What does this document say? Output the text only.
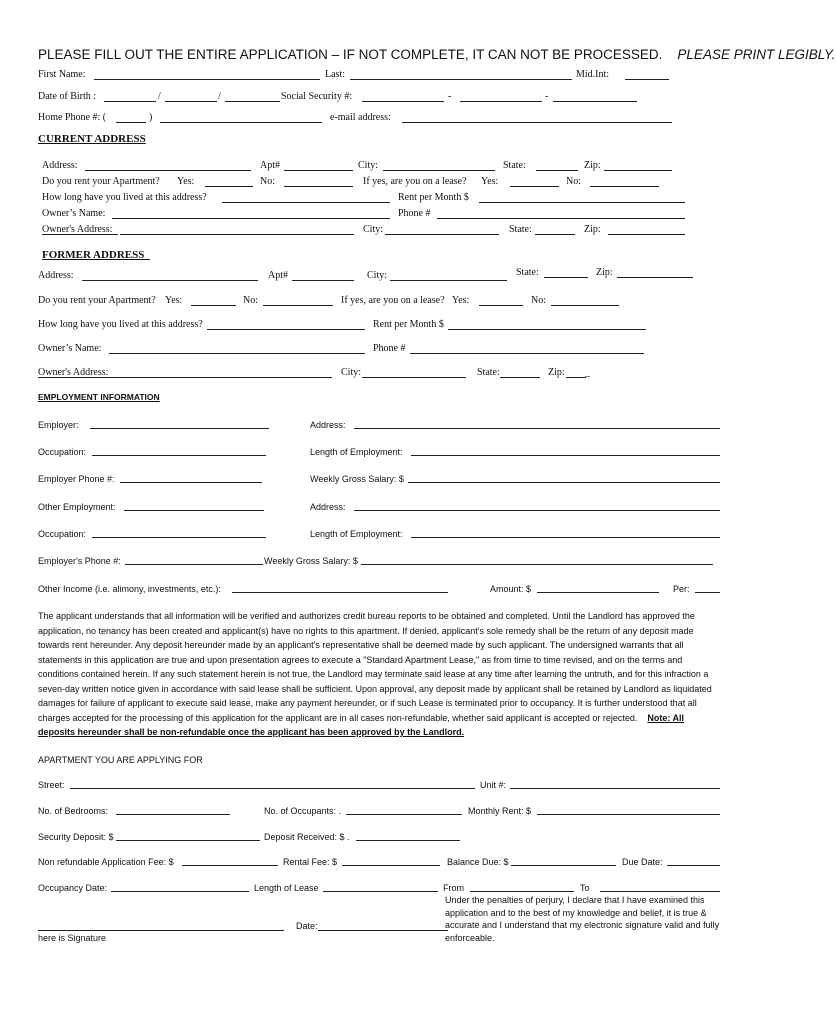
PLEASE FILL OUT THE ENTIRE APPLICATION – IF NOT COMPLETE, IT CAN NOT BE PROCESSED. PLEASE PRINT LEGIBLY.
First Name:	Last:	Mid.Int:
Date of Birth :	/	/	Social Security #:	-	-
Home Phone #: (	)	e-mail address:
CURRENT ADDRESS
Address:	Apt#	City:	State:	Zip:
Do you rent your Apartment? Yes:	No:	If yes, are you on a lease? Yes:	No:
How long have you lived at this address?	Rent per Month $
Owner’s Name:	Phone #
Owner's Address:	City:	State:	Zip:
FORMER ADDRESS
Address:	Apt#	City:	State:	Zip:
Do you rent your Apartment? Yes:	No:	If yes, are you on a lease? Yes:	No:
How long have you lived at this address?	Rent per Month $
Owner’s Name:	Phone #
Owner's Address:	City:	State:	Zip: _
EMPLOYMENT INFORMATION
Employer:	Address:
Occupation:	Length of Employment:
Employer Phone #:	Weekly Gross Salary: $
Other Employment:	Address:
Occupation:	Length of Employment:
Employer's Phone #:	Weekly Gross Salary: $
Other Income (i.e. alimony, investments, etc.):	Amount: $	Per:
The applicant understands that all information will be verified and authorizes credit bureau reports to be obtained and completed. Until the Landlord has approved the application, no tenancy has been created and applicant(s) have no rights to this apartment. If denied, applicant's sole remedy shall be the return of any deposit made towards rent hereunder. Any deposit hereunder made by an applicant's representative shall be deemed made by such applicant. The undersigned warrants that all statements in this application are true and upon presentation agrees to execute a "Standard Apartment Lease," as from time to time revised, and on the terms and conditions contained herein. If any such statement herein is not true, the Landlord may terminate said lease at any time after learning the untruth, and for this infraction a seven-day written notice given in accordance with said lease shall be sufficient. Upon approval, any deposit made by applicant shall be retained by Landlord as liquidated damages for failure of applicant to execute said lease, make any payment hereunder, or if such Lease is terminated prior to occupancy. It is further understood that all charges accepted for the processing of this application for the applicant are in all cases non-refundable, whether said applicant is accepted or rejected. Note: All deposits hereunder shall be non-refundable once the applicant has been approved by the Landlord.
APARTMENT YOU ARE APPLYING FOR
Street:	Unit #:
No. of Bedrooms:	No. of Occupants: .	Monthly Rent: $
Security Deposit: $	Deposit Received: $ .
Non refundable Application Fee: $	Rental Fee: $	Balance Due: $	Due Date:
Occupancy Date:	Length of Lease	From	To
Under the penalties of perjury, I declare that I have examined this application and to the best of my knowledge and belief, it is true & accurate and I understand that my electronic signature valid and fully enforceable.
Date:
here is Signature
